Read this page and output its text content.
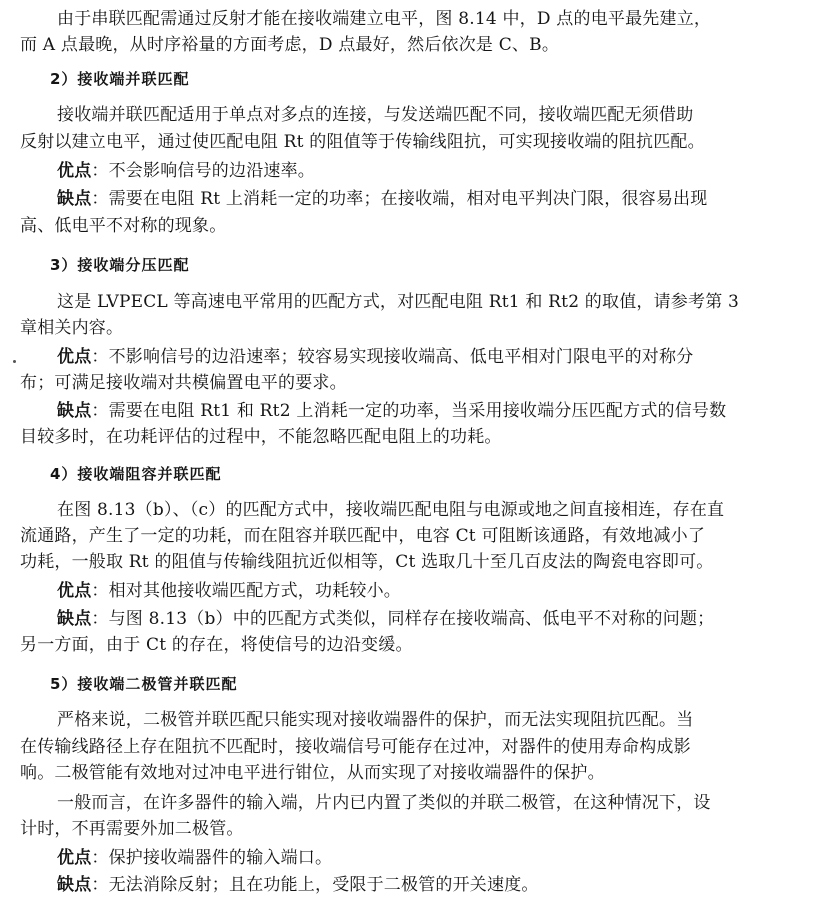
由于串联匹配需通过反射才能在接收端建立电平，图 8.14 中，D 点的电平最先建立，
而 A 点最晚，从时序裕量的方面考虑，D 点最好，然后依次是 C、B。
2）接收端并联匹配
接收端并联匹配适用于单点对多点的连接，与发送端匹配不同，接收端匹配无须借助
反射以建立电平，通过使匹配电阻 Rt 的阻值等于传输线阻抗，可实现接收端的阻抗匹配。
优点：不会影响信号的边沿速率。
缺点：需要在电阻 Rt 上消耗一定的功率；在接收端，相对电平判决门限，很容易出现
高、低电平不对称的现象。
3）接收端分压匹配
这是 LVPECL 等高速电平常用的匹配方式，对匹配电阻 Rt1 和 Rt2 的取值，请参考第 3
章相关内容。
优点：不影响信号的边沿速率；较容易实现接收端高、低电平相对门限电平的对称分
布；可满足接收端对共模偏置电平的要求。
缺点：需要在电阻 Rt1 和 Rt2 上消耗一定的功率，当采用接收端分压匹配方式的信号数
目较多时，在功耗评估的过程中，不能忽略匹配电阻上的功耗。
4）接收端阻容并联匹配
在图 8.13（b）、（c）的匹配方式中，接收端匹配电阻与电源或地之间直接相连，存在直
流通路，产生了一定的功耗，而在阻容并联匹配中，电容 Ct 可阻断该通路，有效地减小了
功耗，一般取 Rt 的阻值与传输线阻抗近似相等，Ct 选取几十至几百皮法的陶瓷电容即可。
优点：相对其他接收端匹配方式，功耗较小。
缺点：与图 8.13（b）中的匹配方式类似，同样存在接收端高、低电平不对称的问题；
另一方面，由于 Ct 的存在，将使信号的边沿变缓。
5）接收端二极管并联匹配
严格来说，二极管并联匹配只能实现对接收端器件的保护，而无法实现阻抗匹配。当
在传输线路径上存在阻抗不匹配时，接收端信号可能存在过冲，对器件的使用寿命构成影
响。二极管能有效地对过冲电平进行钳位，从而实现了对接收端器件的保护。
一般而言，在许多器件的输入端，片内已内置了类似的并联二极管，在这种情况下，设
计时，不再需要外加二极管。
优点：保护接收端器件的输入端口。
缺点：无法消除反射；且在功能上，受限于二极管的开关速度。
